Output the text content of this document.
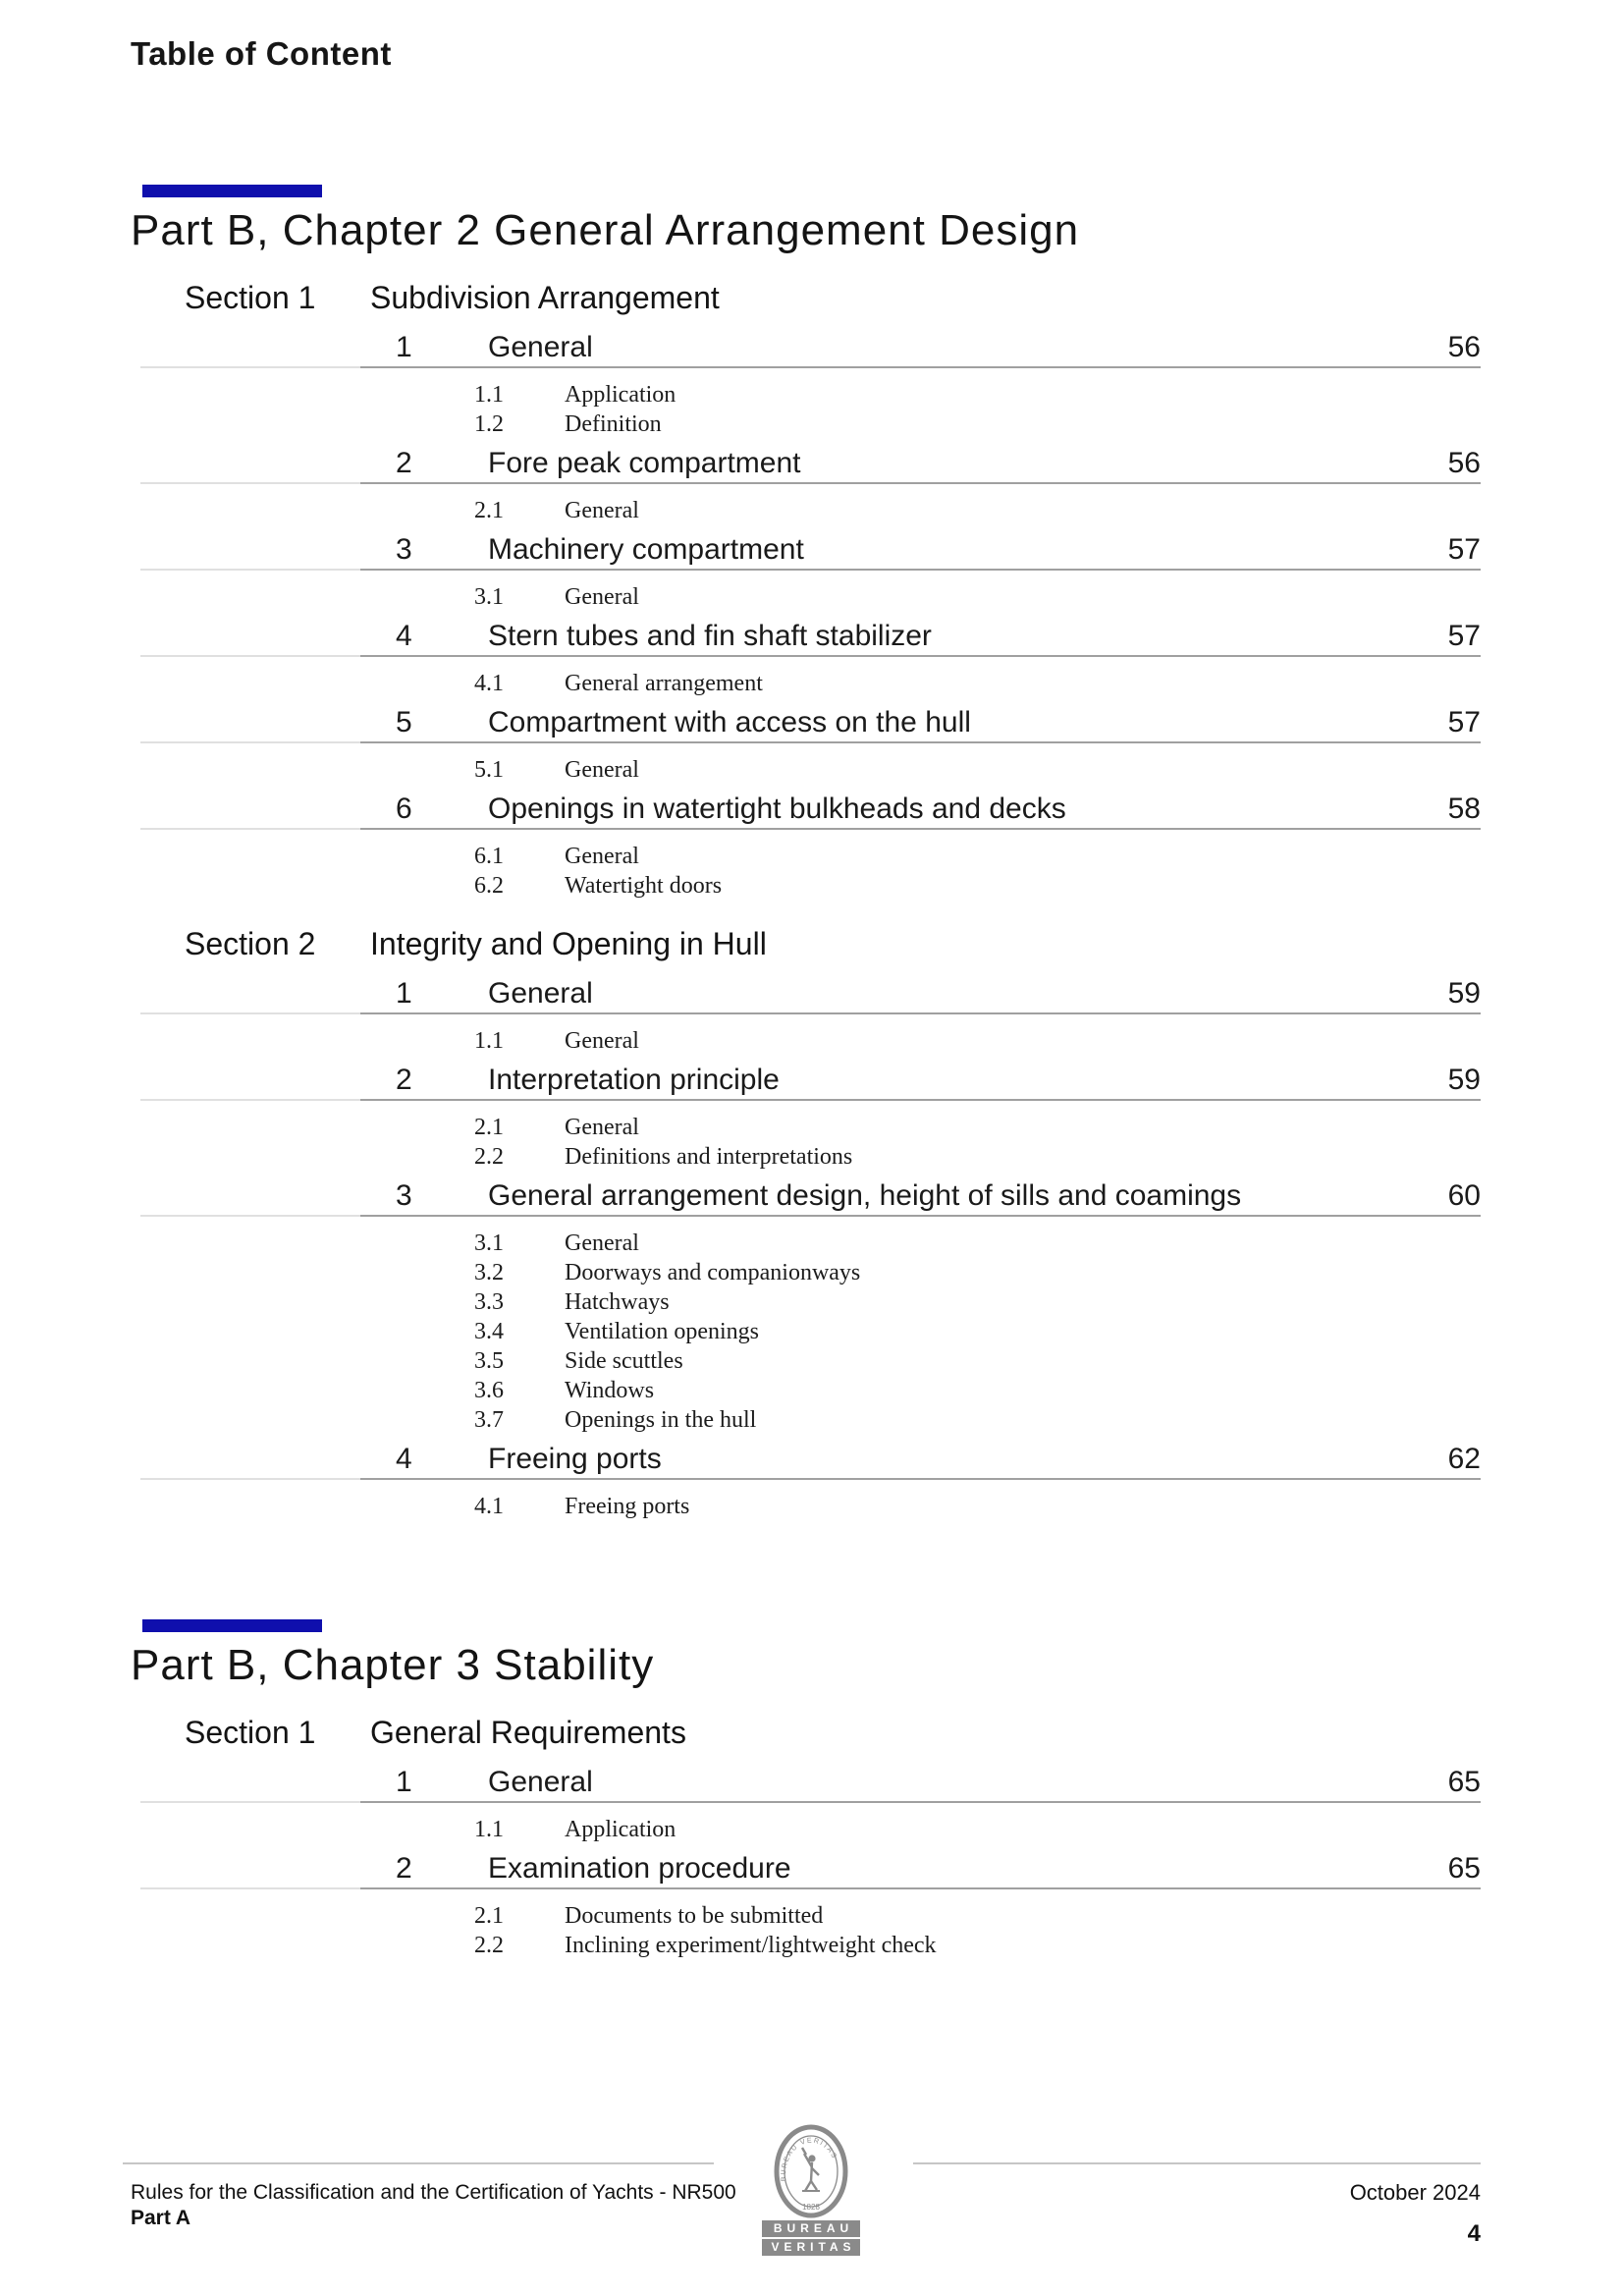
Table of Content
Part B, Chapter 2 General Arrangement Design
Section 1	Subdivision Arrangement
1	General	56
1.1	Application
1.2	Definition
2	Fore peak compartment	56
2.1	General
3	Machinery compartment	57
3.1	General
4	Stern tubes and fin shaft stabilizer	57
4.1	General arrangement
5	Compartment with access on the hull	57
5.1	General
6	Openings in watertight bulkheads and decks	58
6.1	General
6.2	Watertight doors
Section 2	Integrity and Opening in Hull
1	General	59
1.1	General
2	Interpretation principle	59
2.1	General
2.2	Definitions and interpretations
3	General arrangement design, height of sills and coamings	60
3.1	General
3.2	Doorways and companionways
3.3	Hatchways
3.4	Ventilation openings
3.5	Side scuttles
3.6	Windows
3.7	Openings in the hull
4	Freeing ports	62
4.1	Freeing ports
Part B, Chapter 3 Stability
Section 1	General Requirements
1	General	65
1.1	Application
2	Examination procedure	65
2.1	Documents to be submitted
2.2	Inclining experiment/lightweight check
Rules for the Classification and the Certification of Yachts - NR500
Part A
October 2024
4
BUREAU VERITAS
1828
BUREAU
VERITAS
